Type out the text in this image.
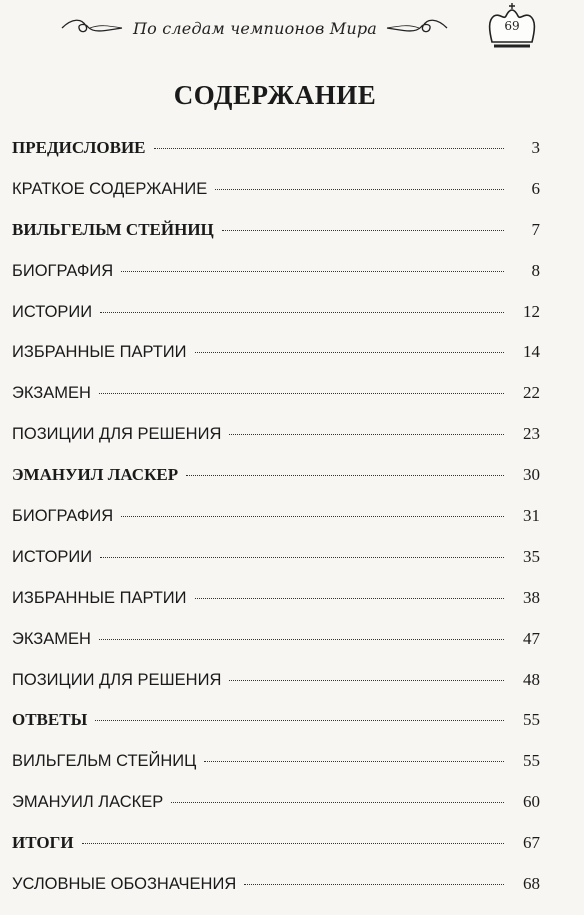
По следам чемпионов Мира	69
СОДЕРЖАНИЕ
ПРЕДИСЛОВИЕ	3
КРАТКОЕ СОДЕРЖАНИЕ	6
ВИЛЬГЕЛЬМ СТЕЙНИЦ	7
БИОГРАФИЯ	8
ИСТОРИИ	12
ИЗБРАННЫЕ ПАРТИИ	14
ЭКЗАМЕН	22
ПОЗИЦИИ ДЛЯ РЕШЕНИЯ	23
ЭМАНУИЛ ЛАСКЕР	30
БИОГРАФИЯ	31
ИСТОРИИ	35
ИЗБРАННЫЕ ПАРТИИ	38
ЭКЗАМЕН	47
ПОЗИЦИИ ДЛЯ РЕШЕНИЯ	48
ОТВЕТЫ	55
ВИЛЬГЕЛЬМ СТЕЙНИЦ	55
ЭМАНУИЛ ЛАСКЕР	60
ИТОГИ	67
УСЛОВНЫЕ ОБОЗНАЧЕНИЯ	68
